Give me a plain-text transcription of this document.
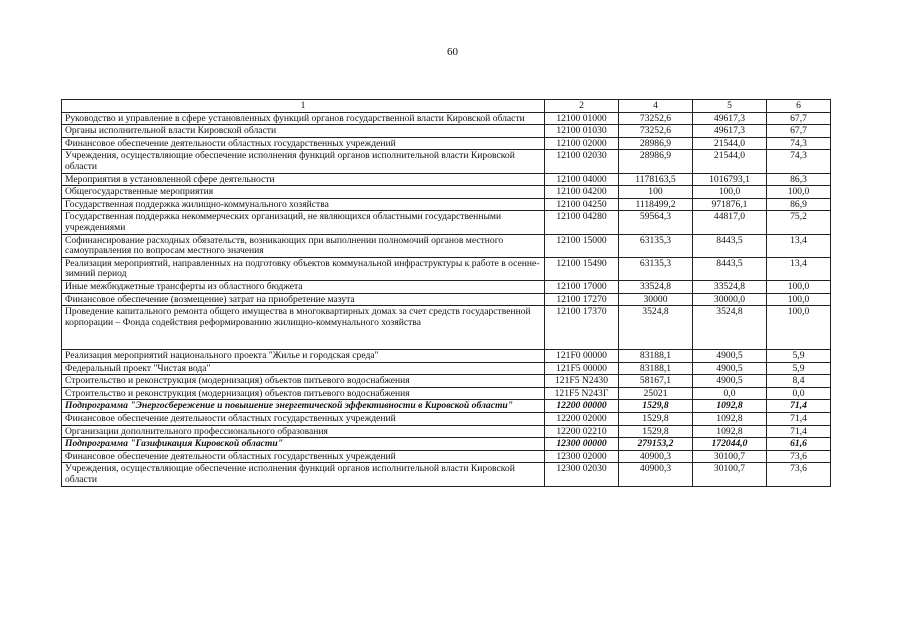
60
1	2	4	5	6
Руководство и управление в сфере установленных функций органов государственной власти Кировской области	12100 01000	73252,6	49617,3	67,7
Органы исполнительной власти Кировской области	12100 01030	73252,6	49617,3	67,7
Финансовое обеспечение деятельности областных государственных учреждений	12100 02000	28986,9	21544,0	74,3
Учреждения, осуществляющие обеспечение исполнения функций органов исполнительной власти Кировской области	12100 02030	28986,9	21544,0	74,3
Мероприятия в установленной сфере деятельности	12100 04000	1178163,5	1016793,1	86,3
Общегосударственные мероприятия	12100 04200	100	100,0	100,0
Государственная поддержка жилищно-коммунального хозяйства	12100 04250	1118499,2	971876,1	86,9
Государственная поддержка некоммерческих организаций, не являющихся областными государственными учреждениями	12100 04280	59564,3	44817,0	75,2
Софинансирование расходных обязательств, возникающих при выполнении полномочий органов местного самоуправления по вопросам местного значения	12100 15000	63135,3	8443,5	13,4
Реализация мероприятий, направленных на подготовку объектов коммунальной инфраструктуры к работе в осенне-зимний период	12100 15490	63135,3	8443,5	13,4
Иные межбюджетные трансферты из областного бюджета	12100 17000	33524,8	33524,8	100,0
Финансовое обеспечение (возмещение) затрат на приобретение мазута	12100 17270	30000	30000,0	100,0
Проведение капитального ремонта общего имущества в многоквартирных домах за счет средств государственной корпорации – Фонда содействия реформированию жилищно-коммунального хозяйства	12100 17370	3524,8	3524,8	100,0
Реализация мероприятий национального проекта "Жилье и городская среда"	121F0 00000	83188,1	4900,5	5,9
Федеральный проект "Чистая вода"	121F5 00000	83188,1	4900,5	5,9
Строительство и реконструкция (модернизация) объектов питьевого водоснабжения	121F5 N2430	58167,1	4900,5	8,4
Строительство и реконструкция (модернизация) объектов питьевого водоснабжения	121F5 N243Г	25021	0,0	0,0
Подпрограмма "Энергосбережение и повышение энергетической эффективности в Кировской области"	12200 00000	1529,8	1092,8	71,4
Финансовое обеспечение деятельности областных государственных учреждений	12200 02000	1529,8	1092,8	71,4
Организации дополнительного профессионального образования	12200 02210	1529,8	1092,8	71,4
Подпрограмма "Газификация Кировской области"	12300 00000	279153,2	172044,0	61,6
Финансовое обеспечение деятельности областных государственных учреждений	12300 02000	40900,3	30100,7	73,6
Учреждения, осуществляющие обеспечение исполнения функций органов исполнительной власти Кировской области	12300 02030	40900,3	30100,7	73,6
